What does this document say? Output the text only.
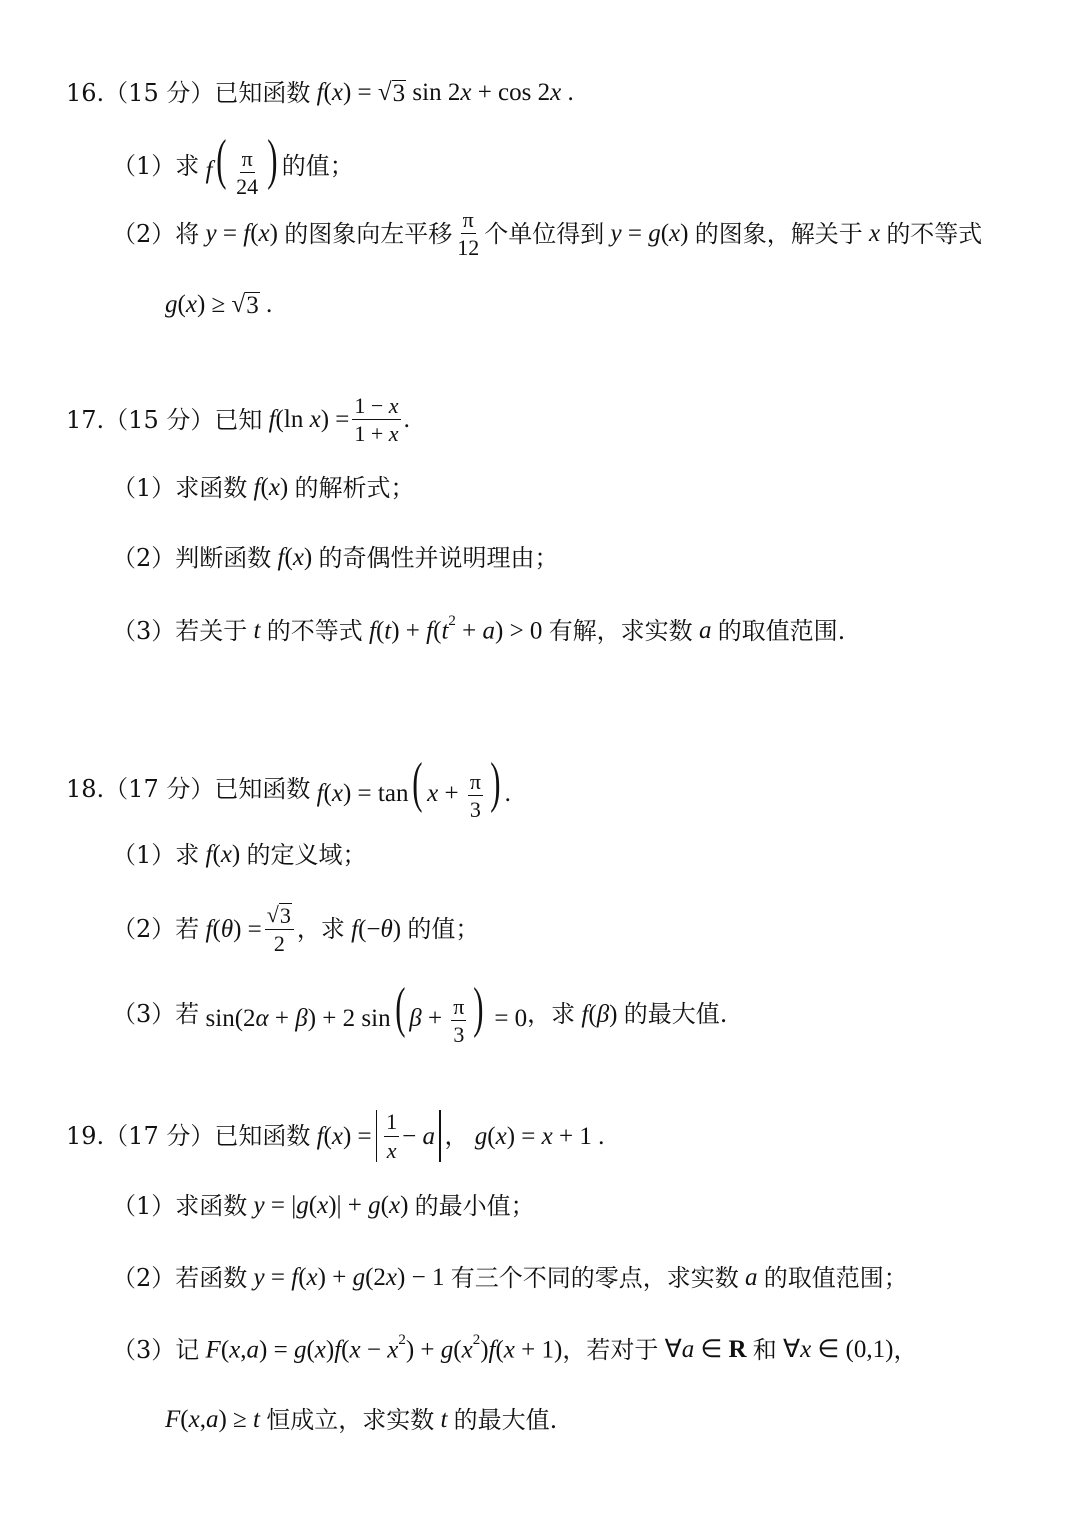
16. （15 分） 已知函数 f(x) = √ 3 sin 2x + cos 2x .
（1） 求 $f( \frac{\pi}{24}$ ) 的值；
（2） 将 y = f(x) 的图象向左平移 $\frac{\pi}{12}$ 个单位得到 y = g(x) 的图象，解关于 x 的不等式
g(x) ≥ √ 3 .
17. （15 分） 已知 f(ln $x) = \frac{1 - x}{1 + x}$ .
（1） 求函数 f(x) 的解析式；
（2） 判断函数 f(x) 的奇偶性并说明理由；
（3） 若关于 t 的不等式 $f(t) + f(t^2 + a) > 0$ 有解，求实数 a 的取值范围.
18. （17 分） 已知函数 f(x) = tan( $x + \frac{\pi}{3}$ ) .
（1） 求 f(x) 的定义域；
（2） 若 $f(\theta) = \frac{√ 3}{2}$ ，求 f(−θ) 的值；
（3） 若 sin(2α + β) + 2 sin( $\beta + \frac{\pi}{3}$ ) = 0 ，求 f(β) 的最大值.
19. （17 分） 已知函数 $f(x) = \frac{1}{x} - a$ ， g(x) = x + 1 .
（1） 求函数 y = |g(x)| + g(x) 的最小值；
（2） 若函数 y = f(x) + g(2x) − 1 有三个不同的零点，求实数 a 的取值范围；
（3） 记 $F(x,a) = g(x)f(x - x^2) + g(x^2)f(x + 1)$ ，若对于 ∀a ∈ R 和 ∀x ∈ (0,1) ，
F(x,a) ≥ t 恒成立，求实数 t 的最大值.
